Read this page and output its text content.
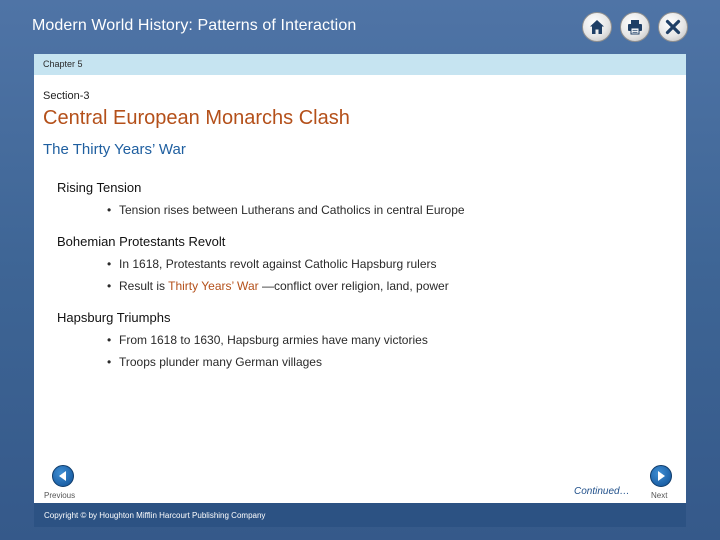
Modern World History: Patterns of Interaction
Chapter 5
Section-3
Central European Monarchs Clash
The Thirty Years’ War

Rising Tension

• Tension rises between Lutherans and Catholics in central Europe

Bohemian Protestants Revolt

• In 1618, Protestants revolt against Catholic Hapsburg rulers
• Result is Thirty Years’ War —conflict over religion, land, power

Hapsburg Triumphs

• From 1618 to 1630, Hapsburg armies have many victories
• Troops plunder many German villages
Previous	Continued…	Next
Copyright © by Houghton Mifflin Harcourt Publishing Company
